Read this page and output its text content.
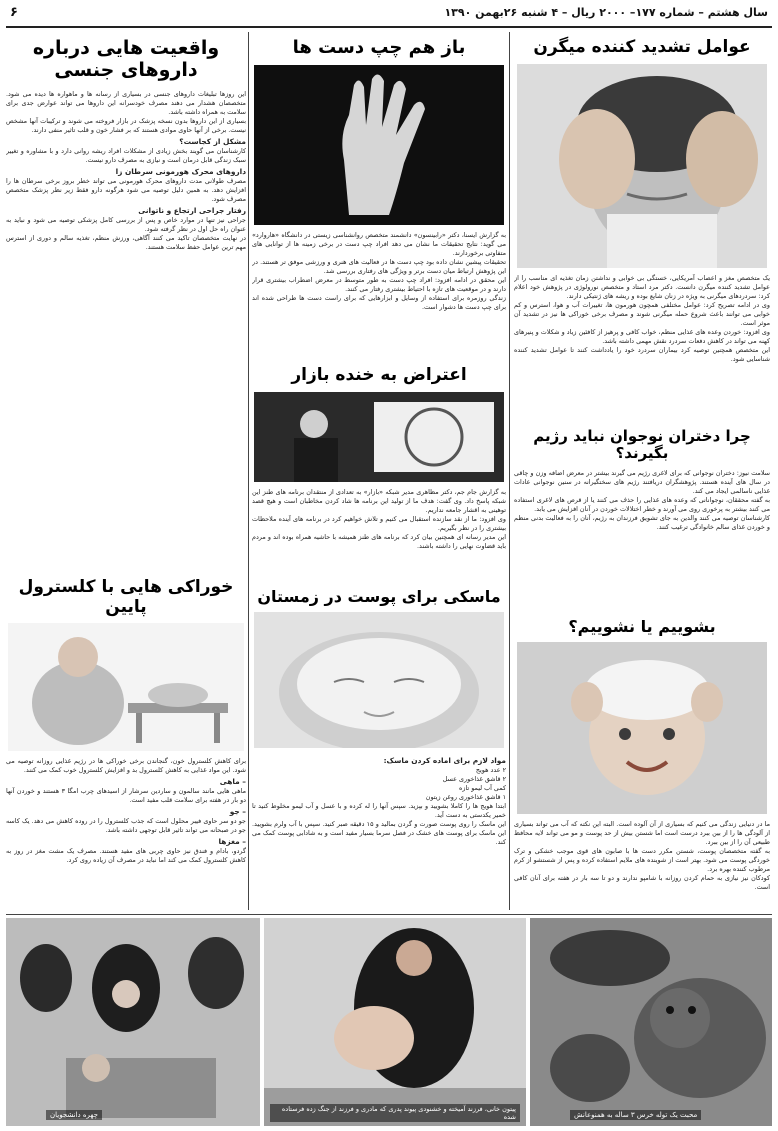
سال هشتم – شماره ۱۷۷– ۲۰۰۰ ریال – ۴ شنبه ۲۶بهمن ۱۳۹۰
۶
عوامل تشدید کننده میگرن

یک متخصص مغز و اعصاب آمریکایی، خستگی بی خوابی و نداشتن زمان تغذیه ای مناسب را از عوامل تشدید کننده میگرن دانست. دکتر مرد استاد و متخصص نورولوژی در پژوهش خود اعلام کرد: سردردهای میگرنی به ویژه در زنان شایع بوده و ریشه های ژنتیکی دارند.

وی در ادامه تصریح کرد: عوامل مختلفی همچون هورمون ها، تغییرات آب و هوا، استرس و کم خوابی می توانند باعث شروع حمله میگرنی شوند و مصرف برخی خوراکی ها نیز در تشدید آن موثر است.

وی افزود: خوردن وعده های غذایی منظم، خواب کافی و پرهیز از کافئین زیاد و شکلات و پنیرهای کهنه می تواند در کاهش دفعات سردرد نقش مهمی داشته باشد.

این متخصص همچنین توصیه کرد بیماران سردرد خود را یادداشت کنند تا عوامل تشدید کننده شناسایی شود.

چرا دختران نوجوان نباید رژیم بگیرند؟

سلامت نیوز: دختران نوجوانی که برای لاغری رژیم می گیرند بیشتر در معرض اضافه وزن و چاقی در سال های آینده هستند. پژوهشگران دریافتند رژیم های سختگیرانه در سنین نوجوانی عادات غذایی ناسالمی ایجاد می کند.

به گفته محققان، نوجوانانی که وعده های غذایی را حذف می کنند یا از قرص های لاغری استفاده می کنند بیشتر به پرخوری روی می آورند و خطر اختلالات خوردن در آنان افزایش می یابد.

کارشناسان توصیه می کنند والدین به جای تشویق فرزندان به رژیم، آنان را به فعالیت بدنی منظم و خوردن غذای سالم خانوادگی ترغیب کنند.

بشوییم یا نشوییم؟

ما در دنیایی زندگی می کنیم که بسیاری از آن آلوده است. البته این نکته که آب می تواند بسیاری از آلودگی ها را از بین ببرد درست است اما شستن بیش از حد پوست و مو می تواند لایه محافظ طبیعی آن را از بین ببرد.

به گفته متخصصان پوست، شستن مکرر دست ها با صابون های قوی موجب خشکی و ترک خوردگی پوست می شود. بهتر است از شوینده های ملایم استفاده کرده و پس از شستشو از کرم مرطوب کننده بهره برد.

کودکان نیز نیازی به حمام کردن روزانه با شامپو ندارند و دو تا سه بار در هفته برای آنان کافی است.

باز هم چپ دست ها

به گزارش ایسنا، دکتر «رابینسون» دانشمند متخصص روانشناسی زیستی در دانشگاه «هاروارد» می گوید: نتایج تحقیقات ما نشان می دهد افراد چپ دست در برخی زمینه ها از توانایی های متفاوتی برخوردارند.

تحقیقات پیشین نشان داده بود چپ دست ها در فعالیت های هنری و ورزشی موفق تر هستند. در این پژوهش ارتباط میان دست برتر و ویژگی های رفتاری بررسی شد.

این محقق در ادامه افزود: افراد چپ دست به طور متوسط در معرض اضطراب بیشتری قرار دارند و در موقعیت های تازه با احتیاط بیشتری رفتار می کنند.

زندگی روزمره برای استفاده از وسایل و ابزارهایی که برای راست دست ها طراحی شده اند برای چپ دست ها دشوار است.

اعتراض به خنده بازار

به گزارش جام جم، دکتر مظاهری مدیر شبکه «بازار» به تعدادی از منتقدان برنامه های طنز این شبکه پاسخ داد. وی گفت: هدف ما از تولید این برنامه ها شاد کردن مخاطبان است و هیچ قصد توهینی به اقشار جامعه نداریم.

وی افزود: ما از نقد سازنده استقبال می کنیم و تلاش خواهیم کرد در برنامه های آینده ملاحظات بیشتری را در نظر بگیریم.

این مدیر رسانه ای همچنین بیان کرد که برنامه های طنز همیشه با حاشیه همراه بوده اند و مردم باید قضاوت نهایی را داشته باشند.

ماسکی برای پوست در زمستان
مواد لازم برای اماده کردن ماسک:
۲ عدد هویج
۲ قاشق غذاخوری عسل
کمی آب لیمو تازه
۱ قاشق غذاخوری روغن زیتون

ابتدا هویج ها را کاملا بشویید و بپزید. سپس آنها را له کرده و با عسل و آب لیمو مخلوط کنید تا خمیر یکدستی به دست آید.

این ماسک را روی پوست صورت و گردن بمالید و ۱۵ دقیقه صبر کنید. سپس با آب ولرم بشویید. این ماسک برای پوست های خشک در فصل سرما بسیار مفید است و به شادابی پوست کمک می کند.

واقعیت هایی درباره داروهای جنسی

این روزها تبلیغات داروهای جنسی در بسیاری از رسانه ها و ماهواره ها دیده می شود. متخصصان هشدار می دهند مصرف خودسرانه این داروها می تواند عوارض جدی برای سلامت به همراه داشته باشد.

بسیاری از این داروها بدون نسخه پزشک در بازار فروخته می شوند و ترکیبات آنها مشخص نیست. برخی از آنها حاوی موادی هستند که بر فشار خون و قلب تاثیر منفی دارند.

مشکل از کجاست؟

کارشناسان می گویند بخش زیادی از مشکلات افراد ریشه روانی دارد و با مشاوره و تغییر سبک زندگی قابل درمان است و نیازی به مصرف دارو نیست.

داروهای محرک هورمونی سرطان زا

مصرف طولانی مدت داروهای محرک هورمونی می تواند خطر بروز برخی سرطان ها را افزایش دهد. به همین دلیل توصیه می شود هرگونه دارو فقط زیر نظر پزشک متخصص مصرف شود.

رفتار جراحی ارتجاع و ناتوانی

جراحی نیز تنها در موارد خاص و پس از بررسی کامل پزشکی توصیه می شود و نباید به عنوان راه حل اول در نظر گرفته شود.

در نهایت متخصصان تاکید می کنند آگاهی، ورزش منظم، تغذیه سالم و دوری از استرس مهم ترین عوامل حفظ سلامت هستند.

خوراکی هایی با کلسترول پایین

برای کاهش کلسترول خون، گنجاندن برخی خوراکی ها در رژیم غذایی روزانه توصیه می شود. این مواد غذایی به کاهش کلسترول بد و افزایش کلسترول خوب کمک می کنند.

– ماهی

ماهی هایی مانند سالمون و ساردین سرشار از اسیدهای چرب امگا ۳ هستند و خوردن آنها دو بار در هفته برای سلامت قلب مفید است.

– جو

جو دو سر حاوی فیبر محلول است که جذب کلسترول را در روده کاهش می دهد. یک کاسه جو در صبحانه می تواند تاثیر قابل توجهی داشته باشد.

– مغزها

گردو، بادام و فندق نیز حاوی چربی های مفید هستند. مصرف یک مشت مغز در روز به کاهش کلسترول کمک می کند اما نباید در مصرف آن زیاده روی کرد.

چهره دانشجویان
پیتون خانی، فرزند آمیخته و خشنودی پیوند پدری که مادری و فرزند از جنگ زده فرستاده شده	محبت یک توله خرس ۳ ساله به همنوعانش
